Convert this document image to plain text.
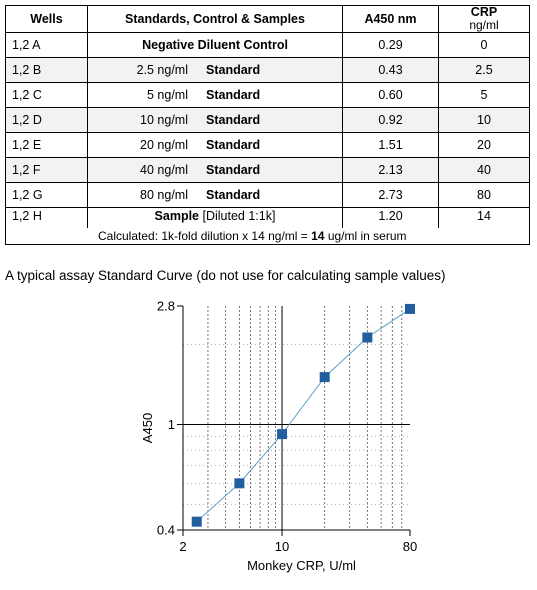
Wells	Standards, Control & Samples	A450 nm	CRP
ng/ml

1,2 A	Negative Diluent Control	0.29	0
1,2 B	2.5 ng/ml Standard	0.43	2.5
1,2 C	5 ng/ml Standard	0.60	5
1,2 D	10 ng/ml Standard	0.92	10
1,2 E	20 ng/ml Standard	1.51	20
1,2 F	40 ng/ml Standard	2.13	40
1,2 G	80 ng/ml Standard	2.73	80
1,2 H	Sample [Diluted 1:1k]	1.20	14
Calculated: 1k-fold dilution x 14 ng/ml = 14 ug/ml in serum			
A typical assay Standard Curve (do not use for calculating sample values)
0.4
1
2.8
2	10	80
Monkey CRP, U/ml
A450
